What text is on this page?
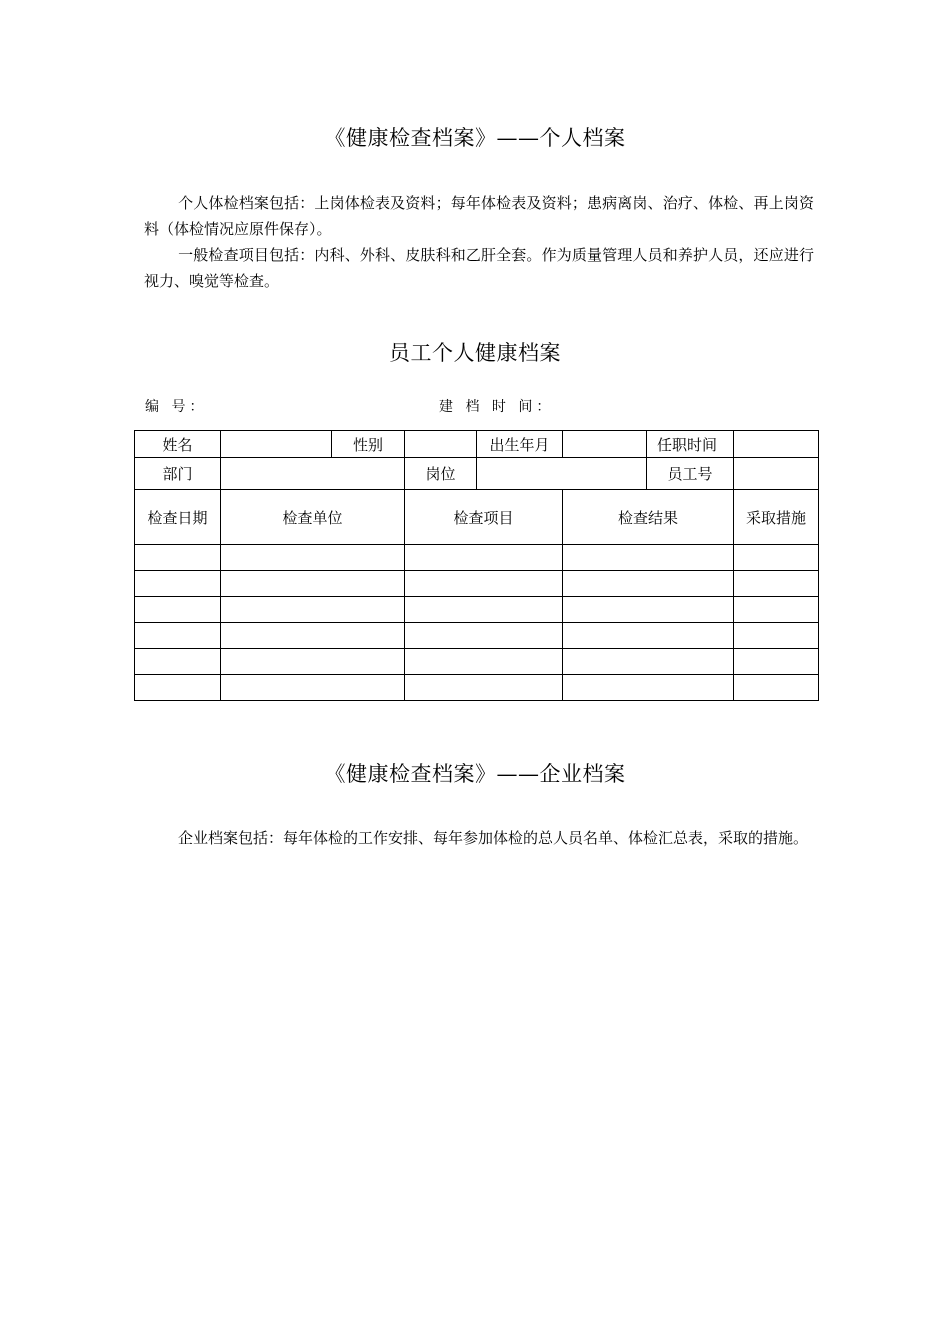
《健康检查档案》——个人档案
个人体检档案包括：上岗体检表及资料；每年体检表及资料；患病离岗、治疗、体检、再上岗资料（体检情况应原件保存）。
一般检查项目包括：内科、外科、皮肤科和乙肝全套。作为质量管理人员和养护人员，还应进行视力、嗅觉等检查。
员工个人健康档案
编 号：	建 档 时 间：
姓名		性别		出生年月		任职时间	
部门			岗位			员工号	
检查日期	检查单位		检查项目		检查结果		采取措施

《健康检查档案》——企业档案
企业档案包括：每年体检的工作安排、每年参加体检的总人员名单、体检汇总表，采取的措施。
